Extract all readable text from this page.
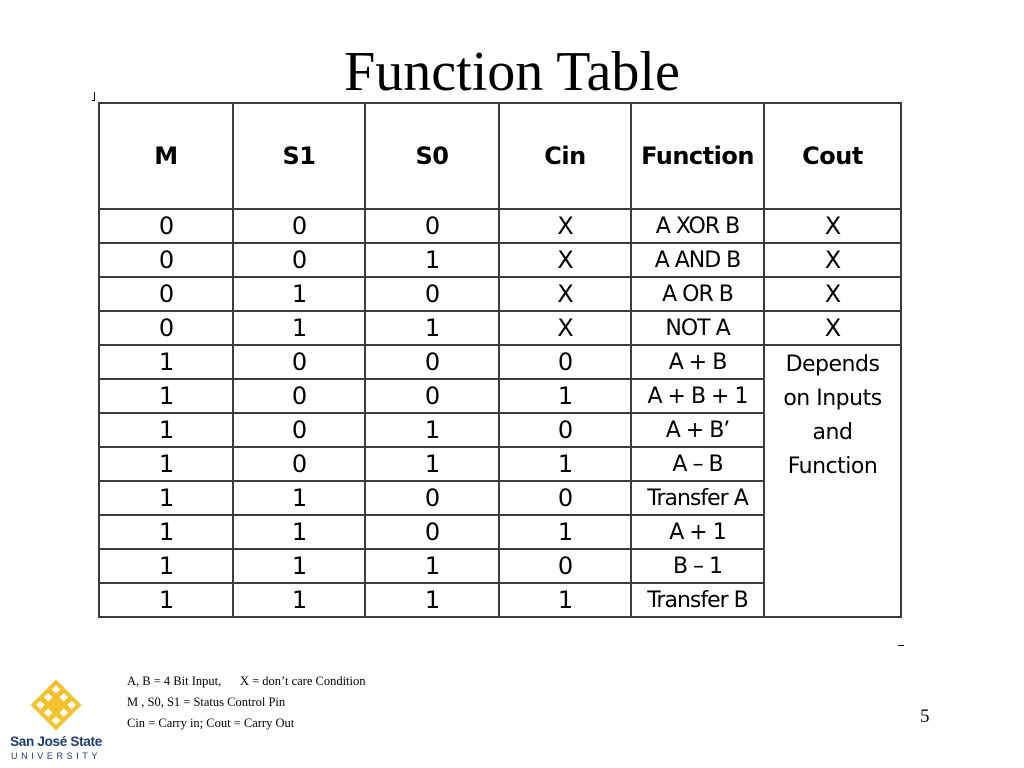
Function Table
M	S1	S0	Cin	Function	Cout
0	0	0	X	A XOR B	X
0	0	1	X	A AND B	X
0	1	0	X	A OR B	X
0	1	1	X	NOT A	X
1	0	0	0	A + B	Depends
on Inputs
and
Function

1	0	0	1	A + B + 1	
1	0	1	0	A + B’	
1	0	1	1	A – B	
1	1	0	0	Transfer A	
1	1	0	1	A + 1	
1	1	1	0	B – 1	
1	1	1	1	Transfer B	
A, B = 4 Bit Input,      X = don’t care Condition
M , S0, S1 = Status Control Pin
Cin = Carry in; Cout = Carry Out	5
San José State
UNIVERSITY
